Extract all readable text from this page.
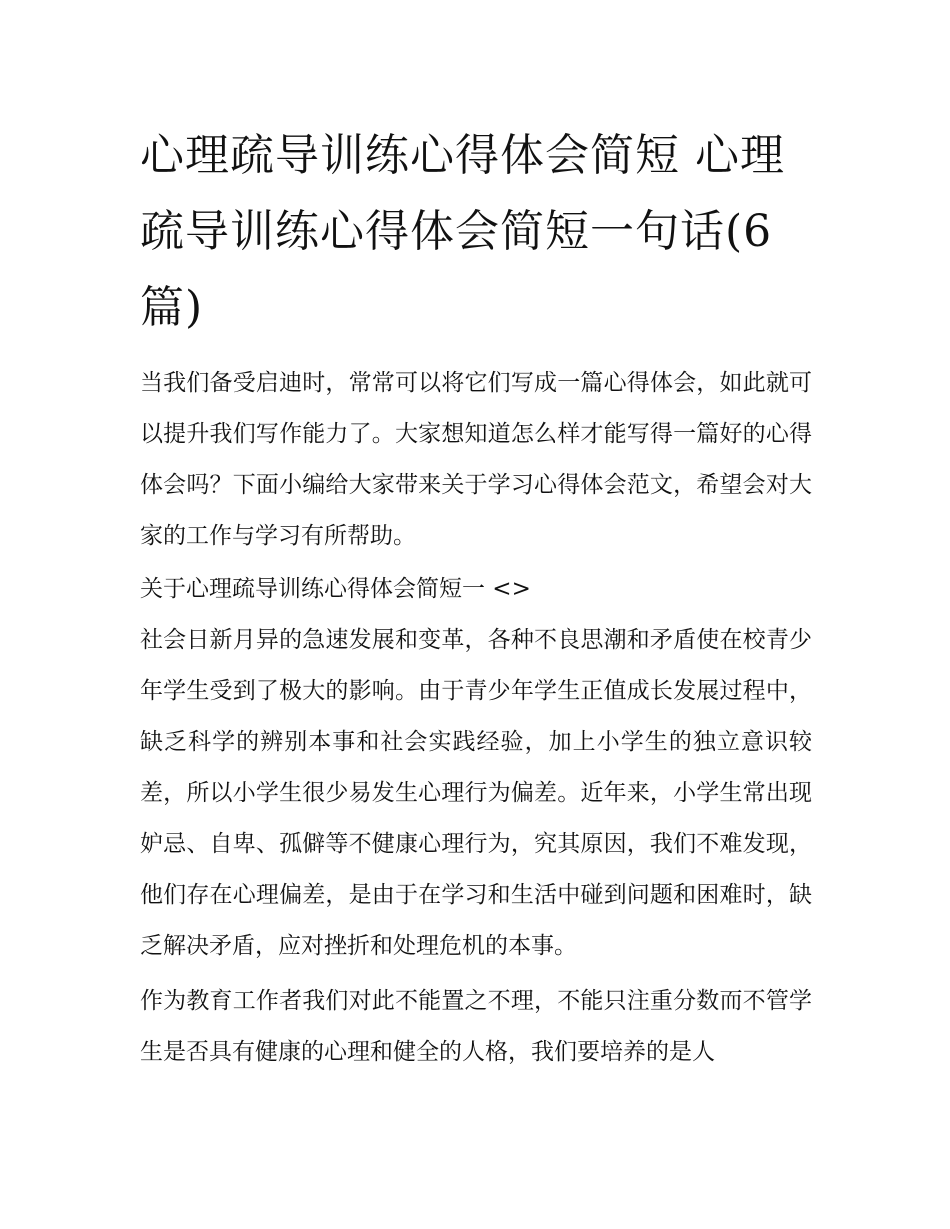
心理疏导训练心得体会简短 心理疏导训练心得体会简短一句话(6篇)

当我们备受启迪时，常常可以将它们写成一篇心得体会，如此就可以提升我们写作能力了。大家想知道怎么样才能写得一篇好的心得体会吗？下面小编给大家带来关于学习心得体会范文，希望会对大家的工作与学习有所帮助。

关于心理疏导训练心得体会简短一 <>

社会日新月异的急速发展和变革，各种不良思潮和矛盾使在校青少年学生受到了极大的影响。由于青少年学生正值成长发展过程中，缺乏科学的辨别本事和社会实践经验，加上小学生的独立意识较差，所以小学生很少易发生心理行为偏差。近年来，小学生常出现妒忌、自卑、孤僻等不健康心理行为，究其原因，我们不难发现，他们存在心理偏差，是由于在学习和生活中碰到问题和困难时，缺乏解决矛盾，应对挫折和处理危机的本事。

作为教育工作者我们对此不能置之不理，不能只注重分数而不管学生是否具有健康的心理和健全的人格，我们要培养的是人
